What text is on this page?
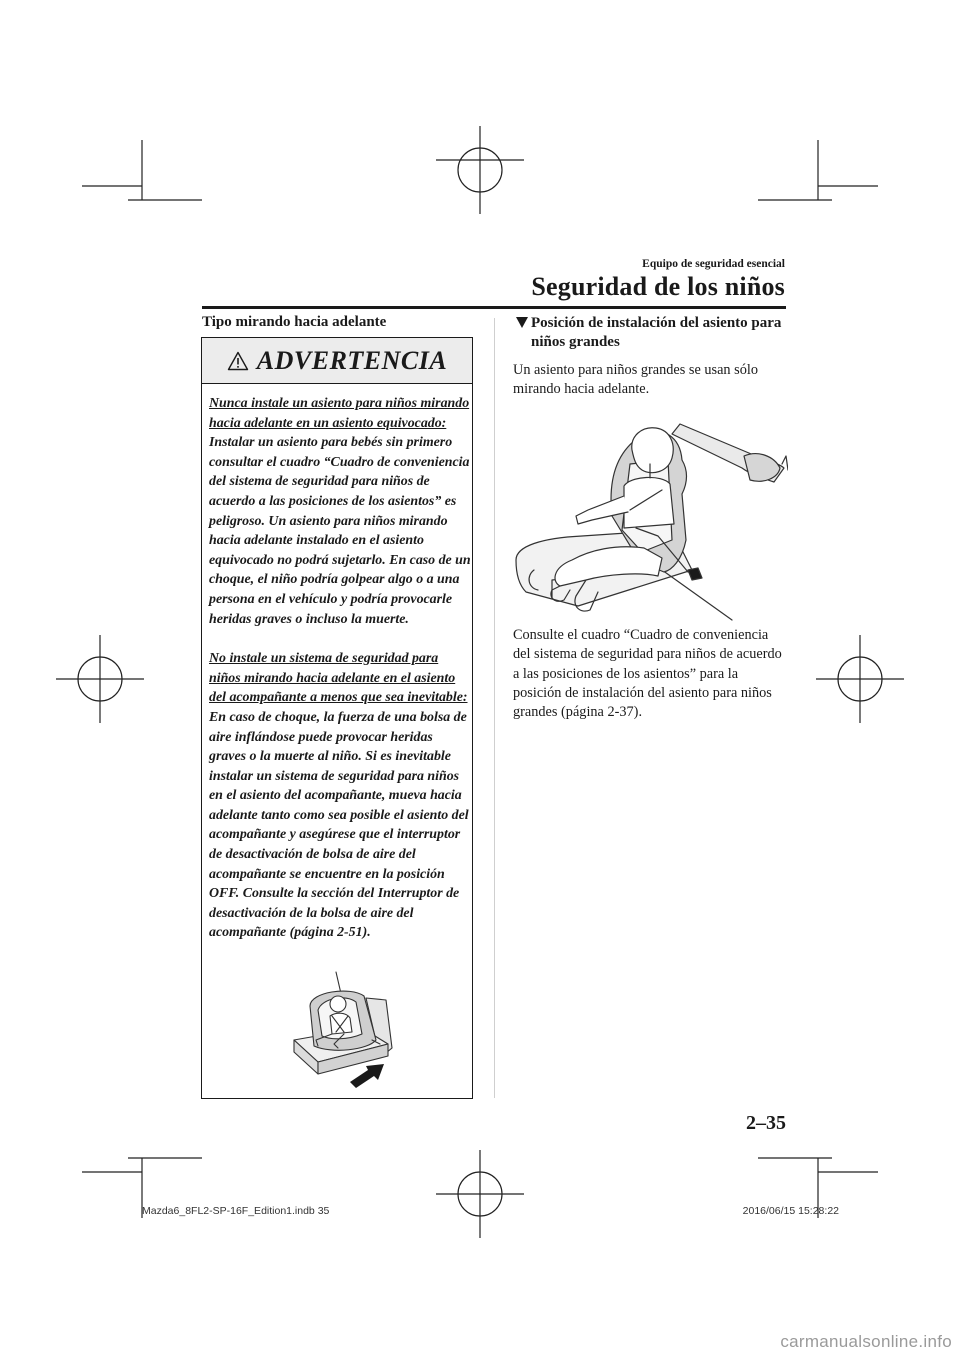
Equipo de seguridad esencial
Seguridad de los niños
Tipo mirando hacia adelante
ADVERTENCIA

Nunca instale un asiento para niños mirando hacia adelante en un asiento equivocado:

Instalar un asiento para bebés sin primero consultar el cuadro “Cuadro de conveniencia del sistema de seguridad para niños de acuerdo a las posiciones de los asientos” es peligroso. Un asiento para niños mirando hacia adelante instalado en el asiento equivocado no podrá sujetarlo. En caso de un choque, el niño podría golpear algo o a una persona en el vehículo y podría provocarle heridas graves o incluso la muerte.

No instale un sistema de seguridad para niños mirando hacia adelante en el asiento del acompañante a menos que sea inevitable:

En caso de choque, la fuerza de una bolsa de aire inflándose puede provocar heridas graves o la muerte al niño. Si es inevitable instalar un sistema de seguridad para niños en el asiento del acompañante, mueva hacia adelante tanto como sea posible el asiento del acompañante y asegúrese que el interruptor de desactivación de bolsa de aire del acompañante se encuentre en la posición OFF. Consulte la sección del Interruptor de desactivación de la bolsa de aire del acompañante (página 2-51).

Posición de instalación del asiento para niños grandes
Un asiento para niños grandes se usan sólo mirando hacia adelante.
Consulte el cuadro “Cuadro de conveniencia del sistema de seguridad para niños de acuerdo a las posiciones de los asientos” para la posición de instalación del asiento para niños grandes (página 2-37).
2–35
Mazda6_8FL2-SP-16F_Edition1.indb 35	2016/06/15 15:28:22
carmanualsonline.info
